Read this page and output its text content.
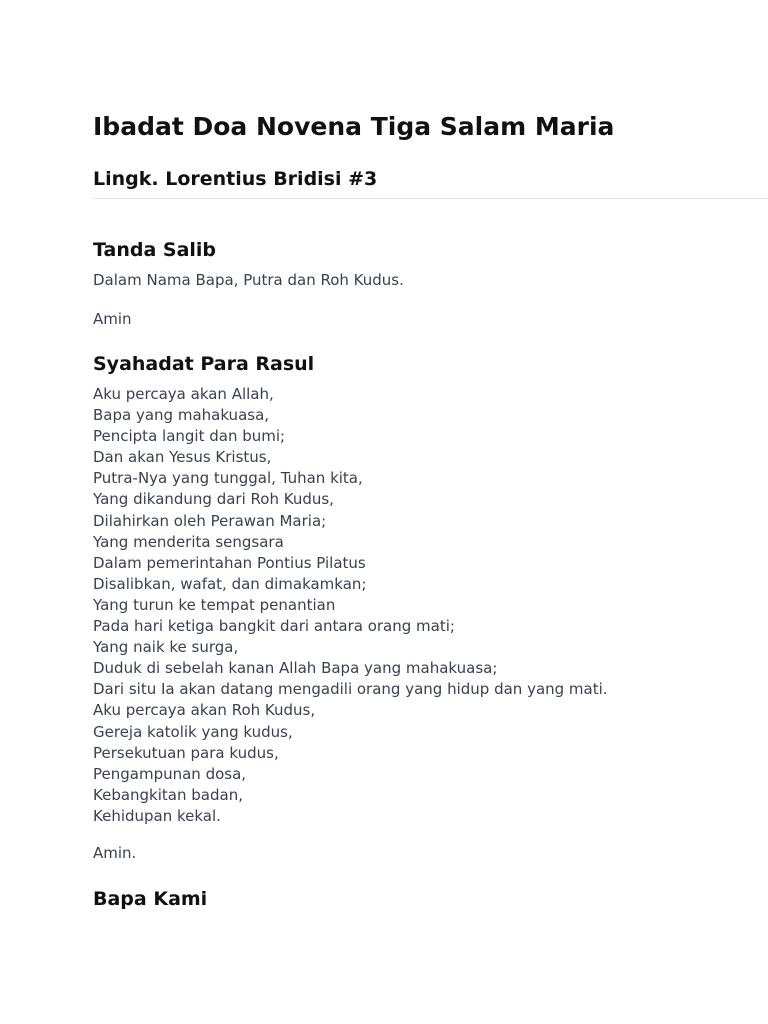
Ibadat Doa Novena Tiga Salam Maria
Lingk. Lorentius Bridisi #3
Tanda Salib

Dalam Nama Bapa, Putra dan Roh Kudus.

Amin

Syahadat Para Rasul
Aku percaya akan Allah,
Bapa yang mahakuasa,
Pencipta langit dan bumi;
Dan akan Yesus Kristus,
Putra-Nya yang tunggal, Tuhan kita,
Yang dikandung dari Roh Kudus,
Dilahirkan oleh Perawan Maria;
Yang menderita sengsara
Dalam pemerintahan Pontius Pilatus
Disalibkan, wafat, dan dimakamkan;
Yang turun ke tempat penantian
Pada hari ketiga bangkit dari antara orang mati;
Yang naik ke surga,
Duduk di sebelah kanan Allah Bapa yang mahakuasa;
Dari situ Ia akan datang mengadili orang yang hidup dan yang mati.
Aku percaya akan Roh Kudus,
Gereja katolik yang kudus,
Persekutuan para kudus,
Pengampunan dosa,
Kebangkitan badan,
Kehidupan kekal.

Amin.

Bapa Kami
